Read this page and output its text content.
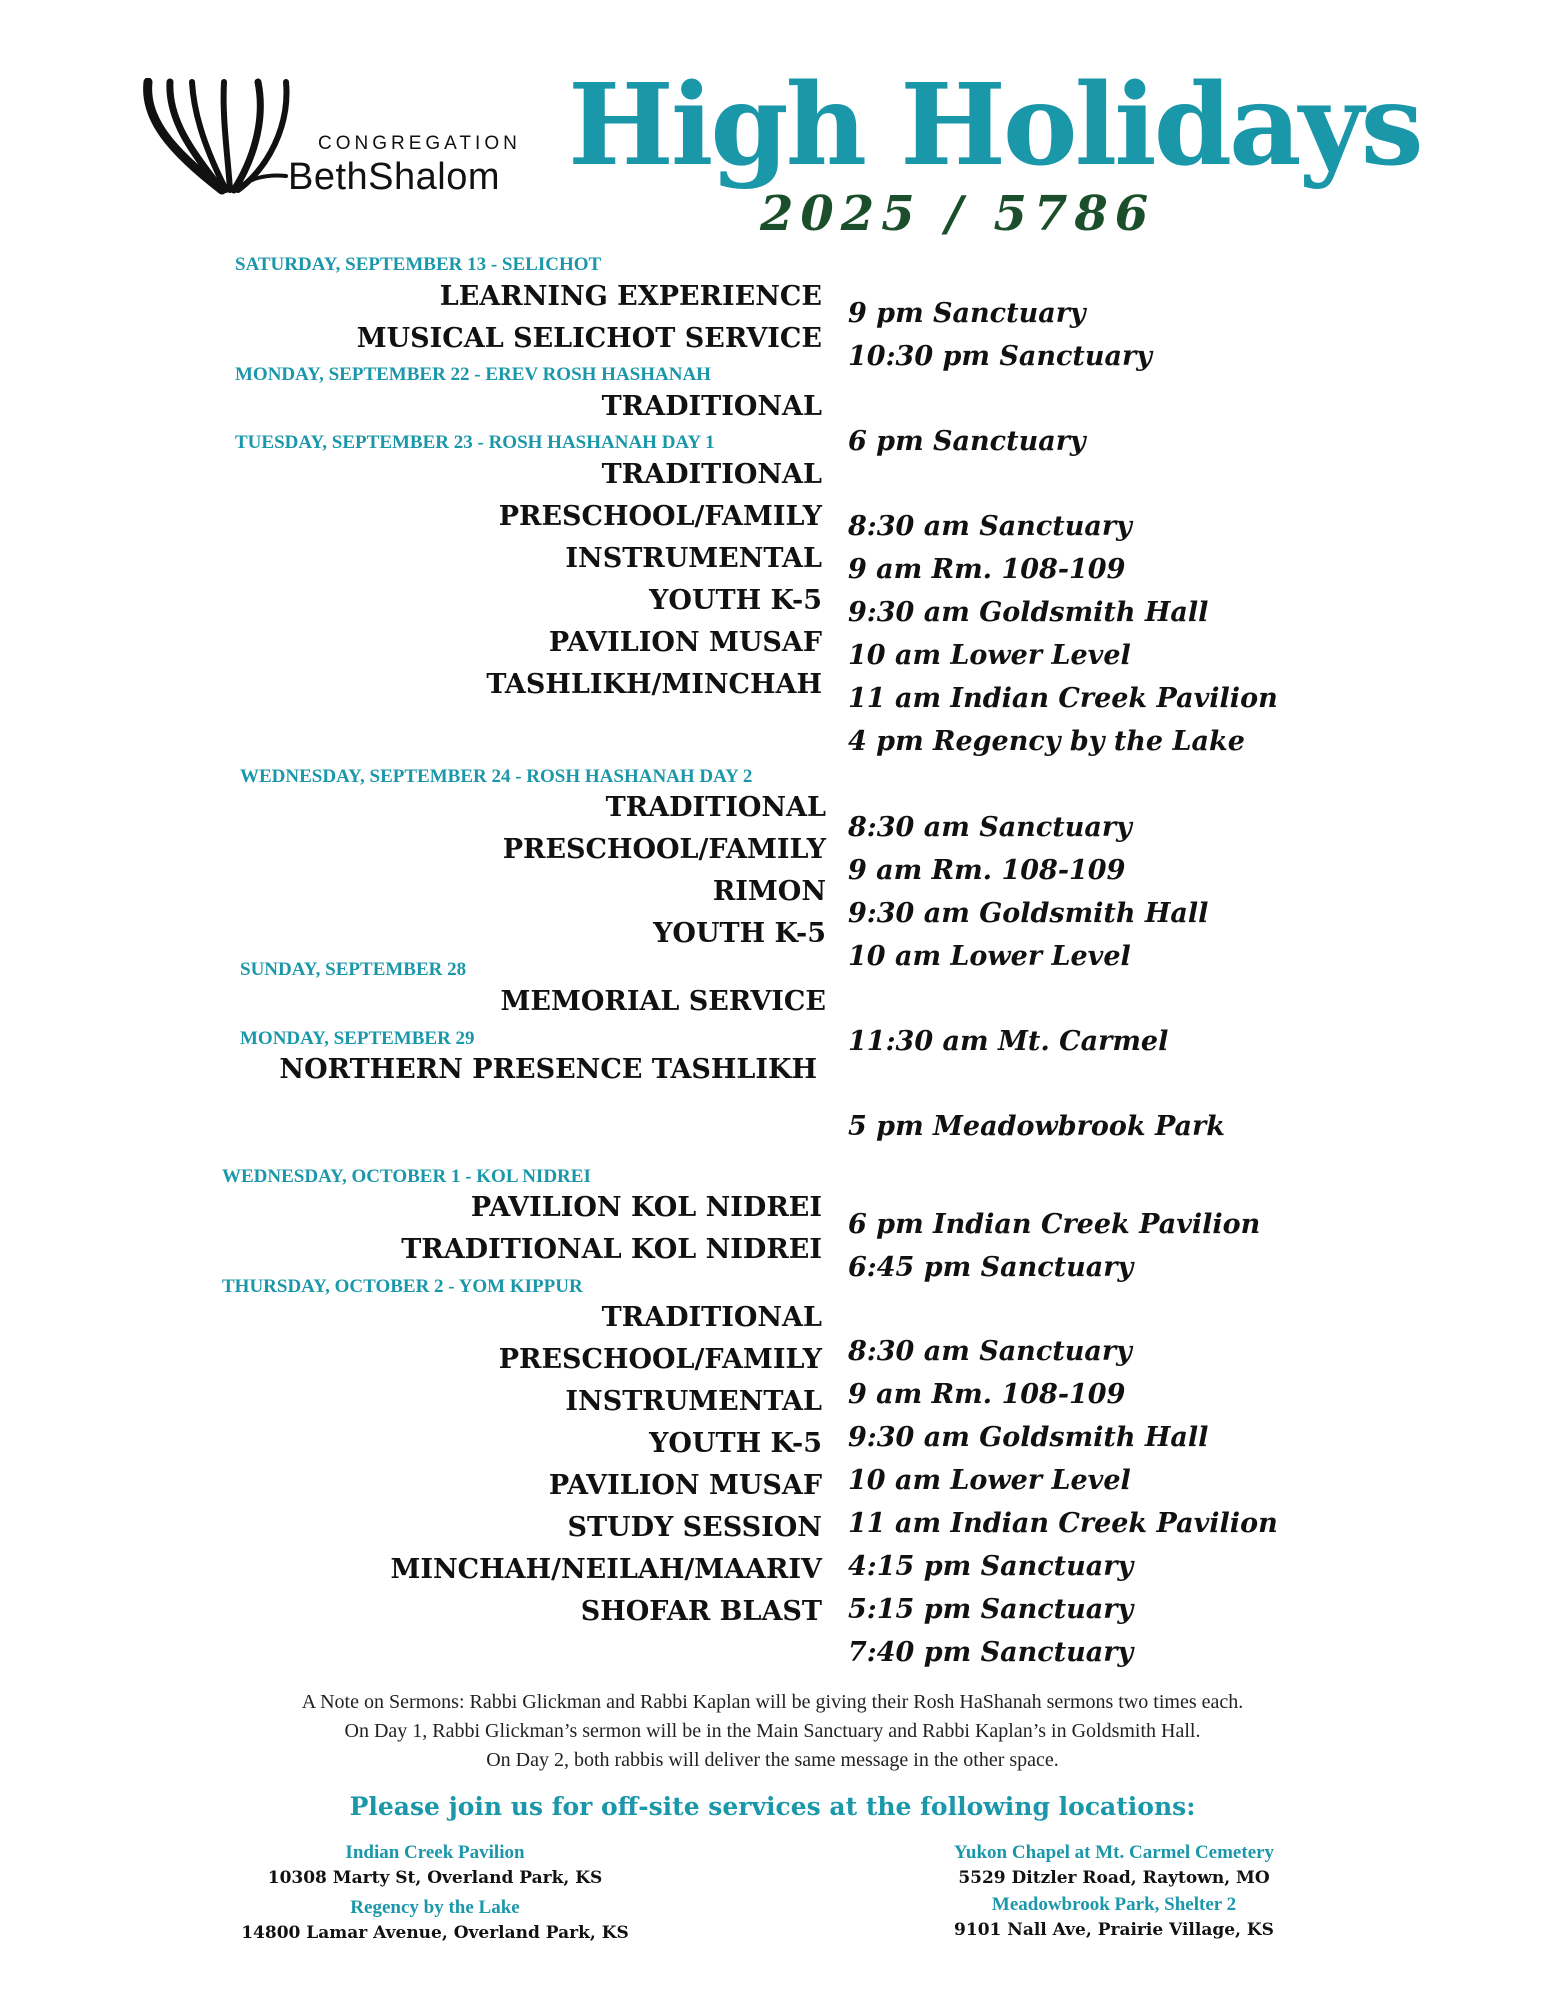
CONGREGATION
BethShalom High Holidays
2025 / 5786
SATURDAY, SEPTEMBER 13 - SELICHOT
MONDAY, SEPTEMBER 22 - EREV ROSH HASHANAH
TUESDAY, SEPTEMBER 23 - ROSH HASHANAH DAY 1
WEDNESDAY, SEPTEMBER 24 - ROSH HASHANAH DAY 2
SUNDAY, SEPTEMBER 28
MONDAY, SEPTEMBER 29
WEDNESDAY, OCTOBER 1 - KOL NIDREI
THURSDAY, OCTOBER 2 - YOM KIPPUR
LEARNING EXPERIENCE
MUSICAL SELICHOT SERVICE
TRADITIONAL
TRADITIONAL
PRESCHOOL/FAMILY
INSTRUMENTAL
YOUTH K-5
PAVILION MUSAF
TASHLIKH/MINCHAH
TRADITIONAL
PRESCHOOL/FAMILY
RIMON
YOUTH K-5
MEMORIAL SERVICE
NORTHERN PRESENCE TASHLIKH
PAVILION KOL NIDREI
TRADITIONAL KOL NIDREI
TRADITIONAL
PRESCHOOL/FAMILY
INSTRUMENTAL
YOUTH K-5
PAVILION MUSAF
STUDY SESSION
MINCHAH/NEILAH/MAARIV
SHOFAR BLAST
9 pm Sanctuary
10:30 pm Sanctuary
6 pm Sanctuary
8:30 am Sanctuary
9 am Rm. 108-109
9:30 am Goldsmith Hall
10 am Lower Level
11 am Indian Creek Pavilion
4 pm Regency by the Lake
8:30 am Sanctuary
9 am Rm. 108-109
9:30 am Goldsmith Hall
10 am Lower Level
11:30 am Mt. Carmel
5 pm Meadowbrook Park
6 pm Indian Creek Pavilion
6:45 pm Sanctuary
8:30 am Sanctuary
9 am Rm. 108-109
9:30 am Goldsmith Hall
10 am Lower Level
11 am Indian Creek Pavilion
4:15 pm Sanctuary
5:15 pm Sanctuary
7:40 pm Sanctuary
A Note on Sermons: Rabbi Glickman and Rabbi Kaplan will be giving their Rosh HaShanah sermons two times each.
On Day 1, Rabbi Glickman’s sermon will be in the Main Sanctuary and Rabbi Kaplan’s in Goldsmith Hall.
On Day 2, both rabbis will deliver the same message in the other space.
Please join us for off-site services at the following locations:
Indian Creek Pavilion
10308 Marty St, Overland Park, KS
Regency by the Lake
14800 Lamar Avenue, Overland Park, KS
Yukon Chapel at Mt. Carmel Cemetery
5529 Ditzler Road, Raytown, MO
Meadowbrook Park, Shelter 2
9101 Nall Ave, Prairie Village, KS
